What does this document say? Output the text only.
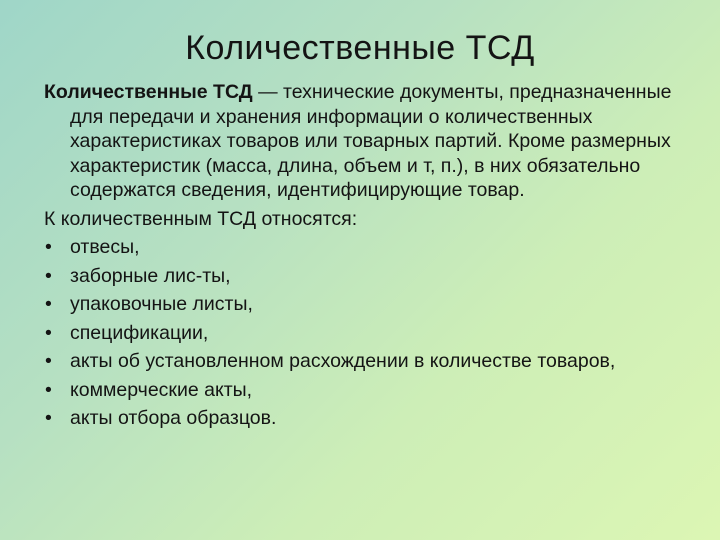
Количественные ТСД

Количественные ТСД — технические документы, предназначенные для передачи и хранения информации о количественных характеристиках товаров или товарных партий. Кроме размерных характеристик (масса, длина, объем и т, п.), в них обязательно содержатся сведения, идентифицирующие товар.

К количественным ТСД относятся:

• отвесы,
• заборные лис-ты,
• упаковочные листы,
• спецификации,
• акты об установленном расхождении в количестве товаров,
• коммерческие акты,
• акты отбора образцов.
